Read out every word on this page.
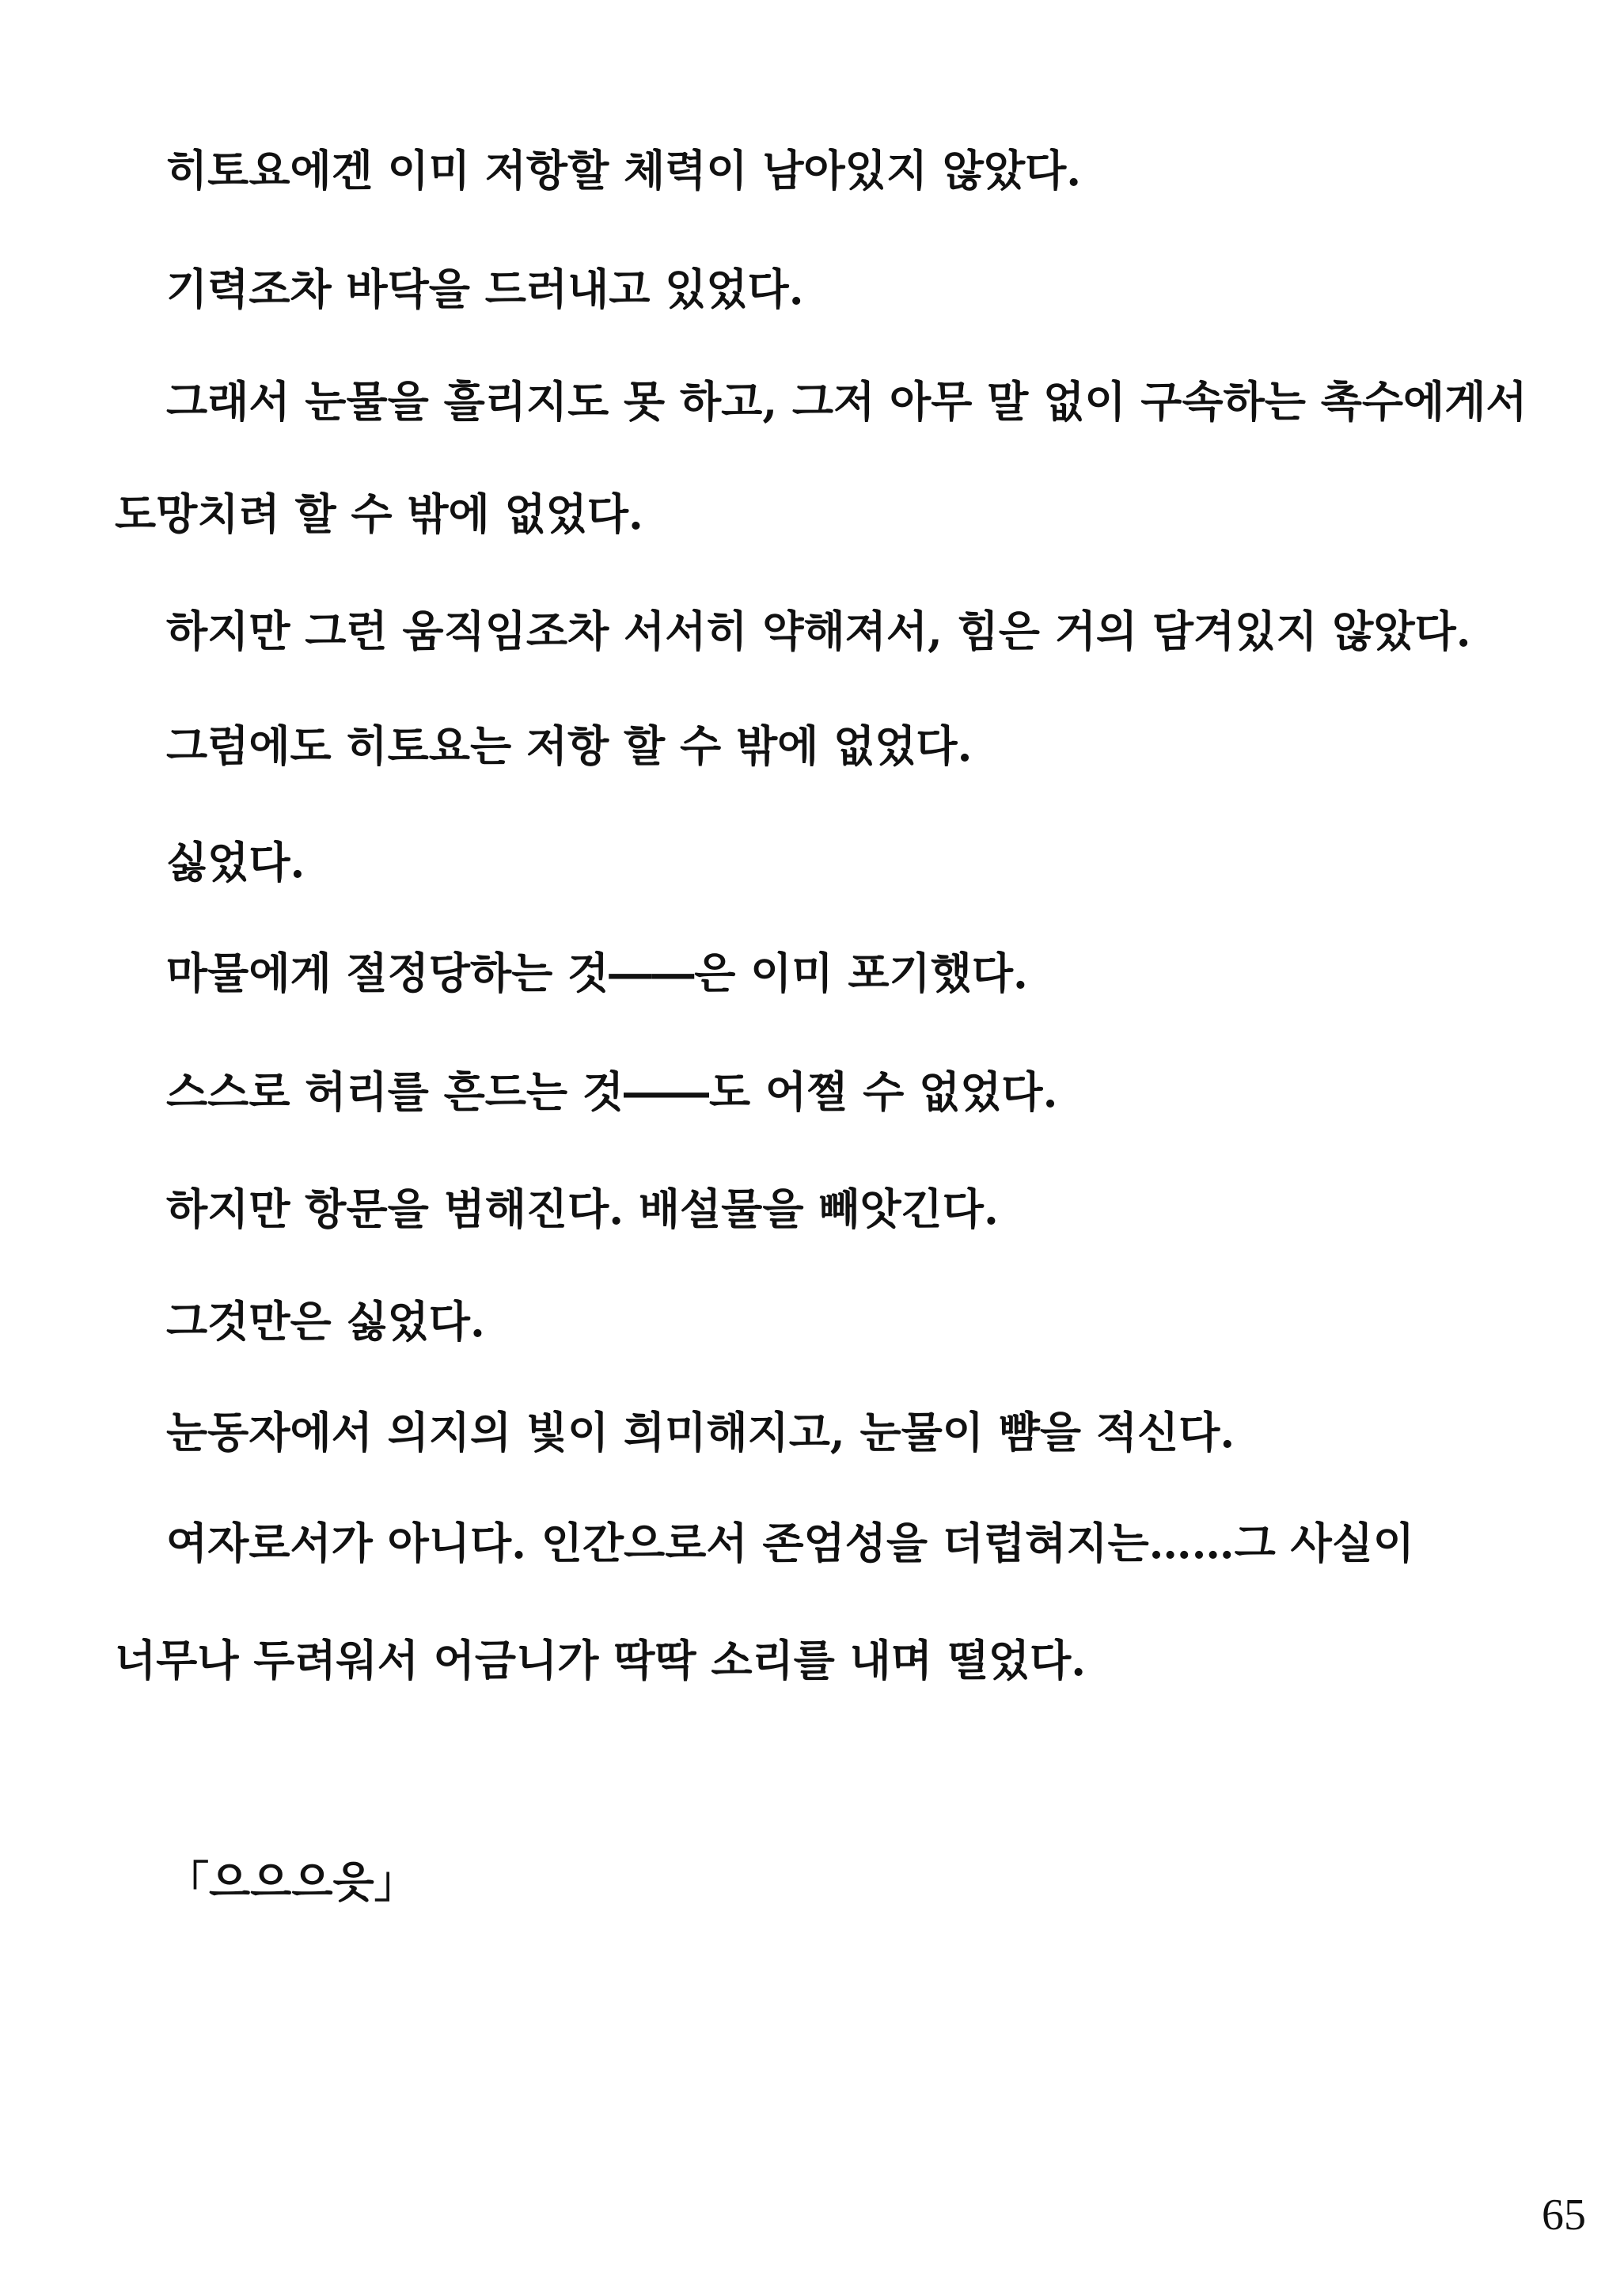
히토요에겐 이미 저항할 체력이 남아있지 않았다.

기력조차 바닥을 드러내고 있었다.

그래서 눈물을 흘리지도 못 하고, 그저 아무 말 없이 구속하는 촉수에게서

도망치려 할 수 밖에 없었다.

하지만 그런 움직임조차 서서히 약해져서, 힘은 거의 담겨있지 않았다.

그럼에도 히토요는 저항 할 수 밖에 없었다.

싫었다.

마물에게 절정당하는 것――은 이미 포기했다.

스스로 허리를 흔드는 것――도 어쩔 수 없었다.

하지만 항문을 범해진다. 배설물을 빼앗긴다.

그것만은 싫었다.

눈동자에서 의지의 빛이 희미해지고, 눈물이 뺨을 적신다.

여자로서가 아니다. 인간으로서 존엄성을 더럽혀지는……그 사실이

너무나 두려워서 어금니가 딱딱 소리를 내며 떨었다.

「으으으읏」

65
